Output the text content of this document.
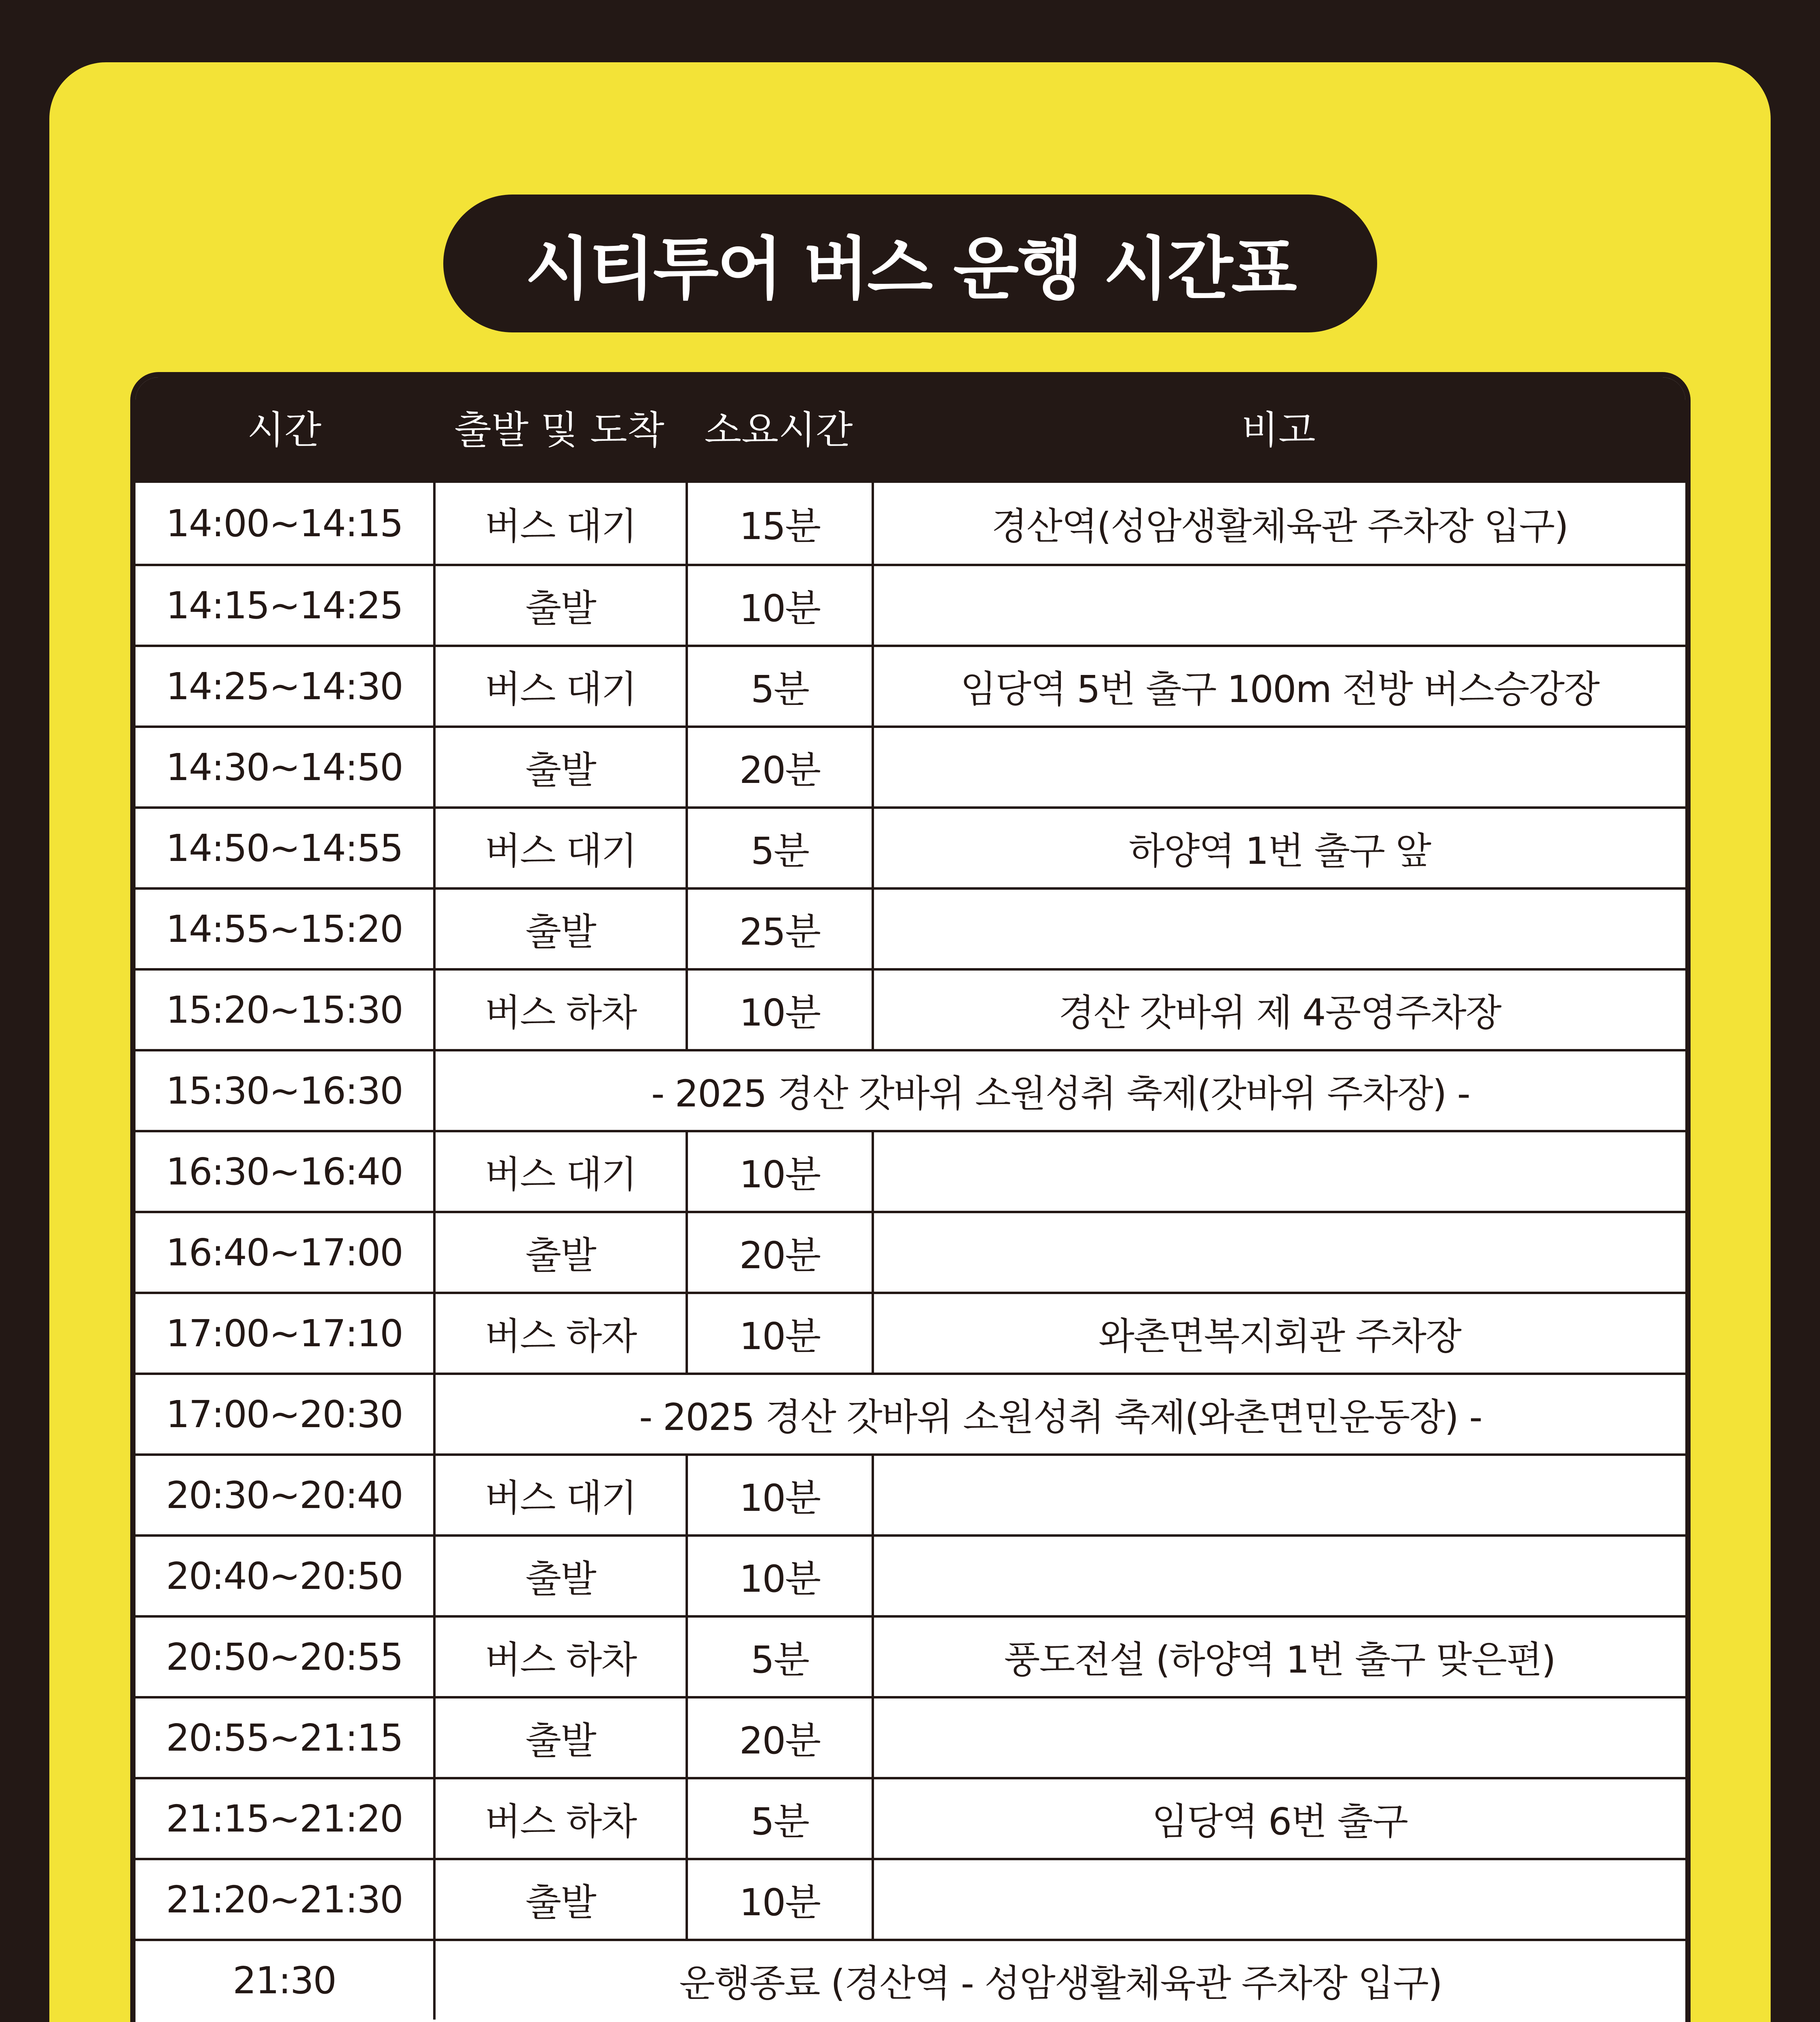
시티투어 버스 운행 시간표
시간	출발 및 도착	소요시간	비고
14:00~14:15	버스 대기	15분	경산역(성암생활체육관 주차장 입구)
14:15~14:25	출발	10분
14:25~14:30	버스 대기	5분	임당역 5번 출구 100m 전방 버스승강장
14:30~14:50	출발	20분
14:50~14:55	버스 대기	5분	하양역 1번 출구 앞
14:55~15:20	출발	25분
15:20~15:30	버스 하차	10분	경산 갓바위 제 4공영주차장
15:30~16:30	- 2025 경산 갓바위 소원성취 축제(갓바위 주차장) -
16:30~16:40	버스 대기	10분
16:40~17:00	출발	20분
17:00~17:10	버스 하자	10분	와촌면복지회관 주차장
17:00~20:30	- 2025 경산 갓바위 소원성취 축제(와촌면민운동장) -
20:30~20:40	버스 대기	10분
20:40~20:50	출발	10분
20:50~20:55	버스 하차	5분	풍도전설 (하양역 1번 출구 맞은편)
20:55~21:15	출발	20분
21:15~21:20	버스 하차	5분	임당역 6번 출구
21:20~21:30	출발	10분
21:30	운행종료 (경산역 - 성암생활체육관 주차장 입구)
